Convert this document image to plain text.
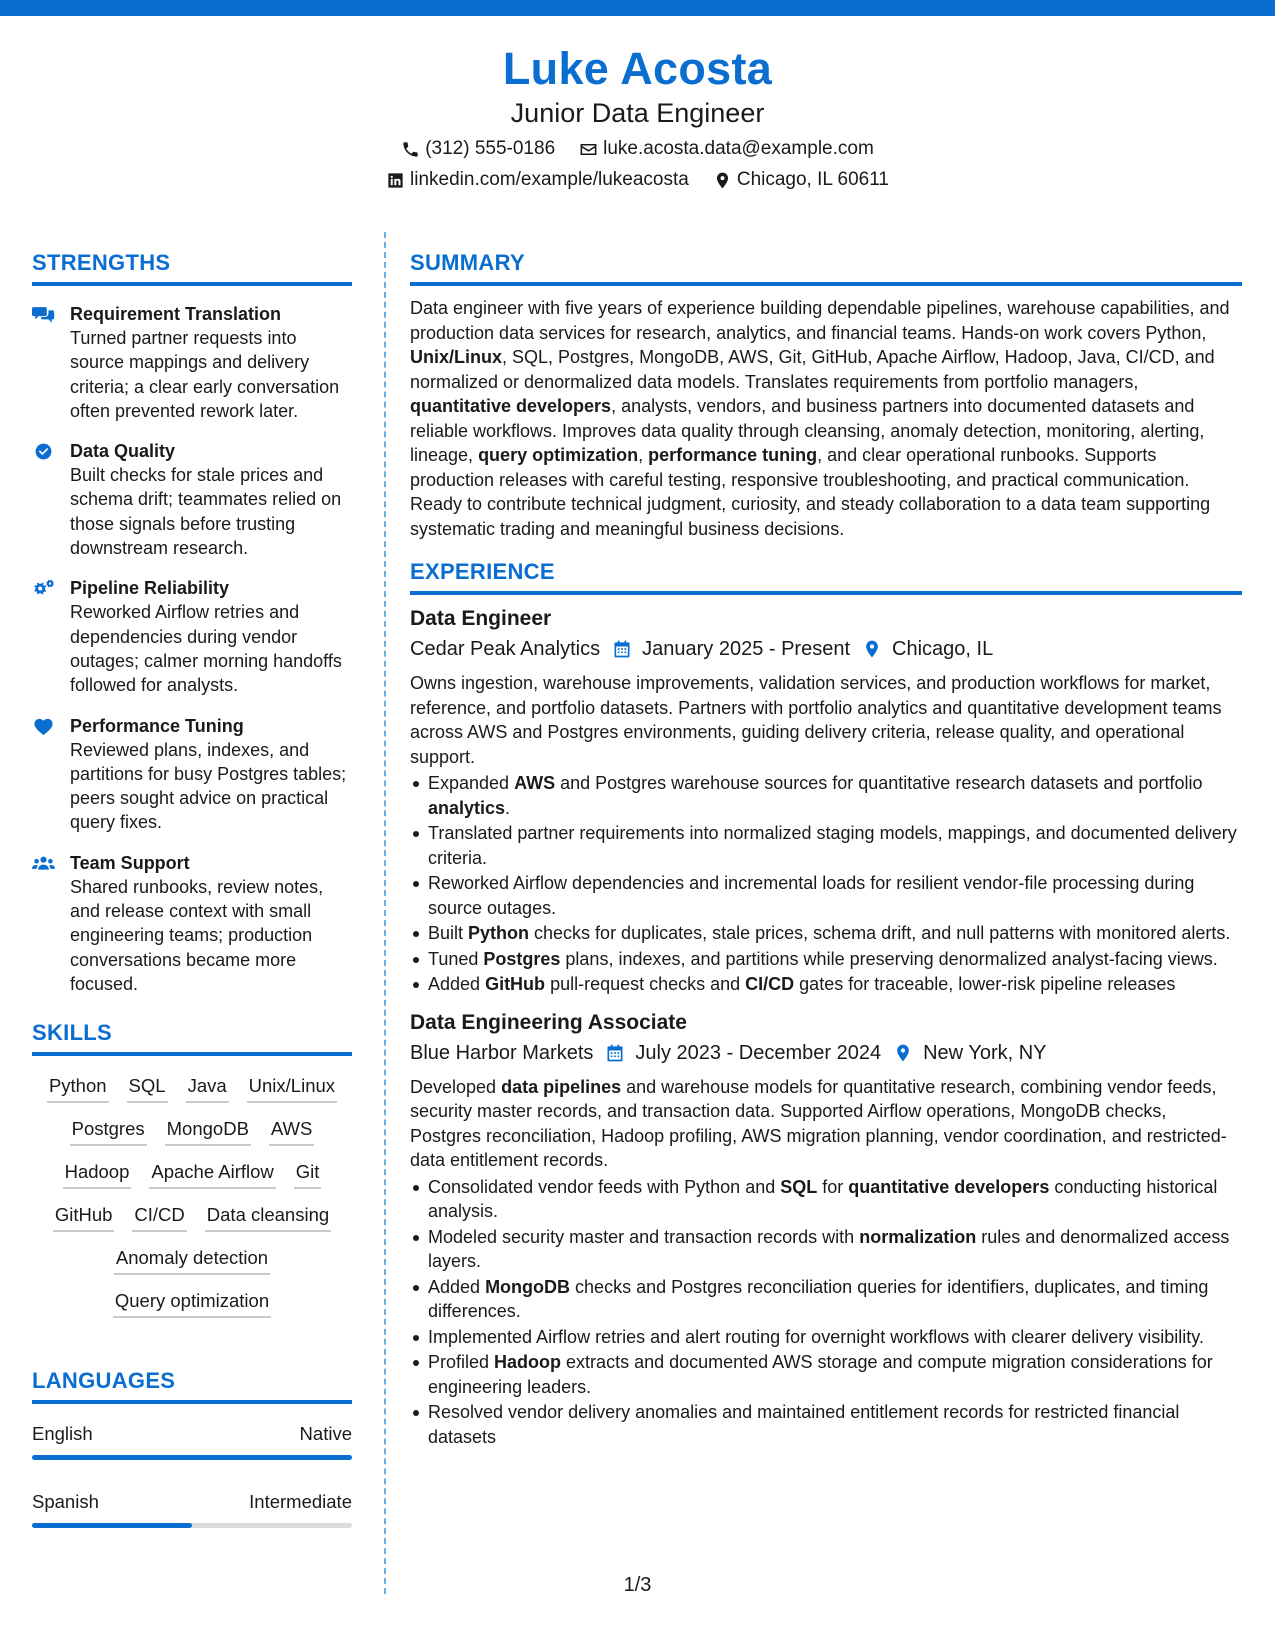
Luke Acosta
Junior Data Engineer
(312) 555-0186	luke.acosta.data@example.com
linkedin.com/example/lukeacosta	Chicago, IL 60611
STRENGTHS
Requirement Translation
Turned partner requests into source mappings and delivery criteria; a clear early conversation often prevented rework later.
Data Quality
Built checks for stale prices and schema drift; teammates relied on those signals before trusting downstream research.
Pipeline Reliability
Reworked Airflow retries and dependencies during vendor outages; calmer morning handoffs followed for analysts.
Performance Tuning
Reviewed plans, indexes, and partitions for busy Postgres tables; peers sought advice on practical query fixes.
Team Support
Shared runbooks, review notes, and release context with small engineering teams; production conversations became more focused.
SKILLS
Python SQL Java Unix/Linux
Postgres MongoDB AWS
Hadoop Apache Airflow Git
GitHub CI/CD Data cleansing
Anomaly detection
Query optimization
LANGUAGES
English	Native
Spanish	Intermediate
SUMMARY

Data engineer with five years of experience building dependable pipelines, warehouse capabilities, and production data services for research, analytics, and financial teams. Hands-on work covers Python, Unix/Linux, SQL, Postgres, MongoDB, AWS, Git, GitHub, Apache Airflow, Hadoop, Java, CI/CD, and normalized or denormalized data models. Translates requirements from portfolio managers, quantitative developers, analysts, vendors, and business partners into documented datasets and reliable workflows. Improves data quality through cleansing, anomaly detection, monitoring, alerting, lineage, query optimization, performance tuning, and clear operational runbooks. Supports production releases with careful testing, responsive troubleshooting, and practical communication. Ready to contribute technical judgment, curiosity, and steady collaboration to a data team supporting systematic trading and meaningful business decisions.

EXPERIENCE
Data Engineer
Cedar Peak Analytics January 2025 - Present Chicago, IL

Owns ingestion, warehouse improvements, validation services, and production workflows for market, reference, and portfolio datasets. Partners with portfolio analytics and quantitative development teams across AWS and Postgres environments, guiding delivery criteria, release quality, and operational support.

Expanded AWS and Postgres warehouse sources for quantitative research datasets and portfolio analytics.
Translated partner requirements into normalized staging models, mappings, and documented delivery criteria.
Reworked Airflow dependencies and incremental loads for resilient vendor-file processing during source outages.
Built Python checks for duplicates, stale prices, schema drift, and null patterns with monitored alerts.
Tuned Postgres plans, indexes, and partitions while preserving denormalized analyst-facing views.
Added GitHub pull-request checks and CI/CD gates for traceable, lower-risk pipeline releases
Data Engineering Associate
Blue Harbor Markets July 2023 - December 2024 New York, NY

Developed data pipelines and warehouse models for quantitative research, combining vendor feeds, security master records, and transaction data. Supported Airflow operations, MongoDB checks, Postgres reconciliation, Hadoop profiling, AWS migration planning, vendor coordination, and restricted-data entitlement records.

Consolidated vendor feeds with Python and SQL for quantitative developers conducting historical analysis.
Modeled security master and transaction records with normalization rules and denormalized access layers.
Added MongoDB checks and Postgres reconciliation queries for identifiers, duplicates, and timing differences.
Implemented Airflow retries and alert routing for overnight workflows with clearer delivery visibility.
Profiled Hadoop extracts and documented AWS storage and compute migration considerations for engineering leaders.
Resolved vendor delivery anomalies and maintained entitlement records for restricted financial datasets
1/3
